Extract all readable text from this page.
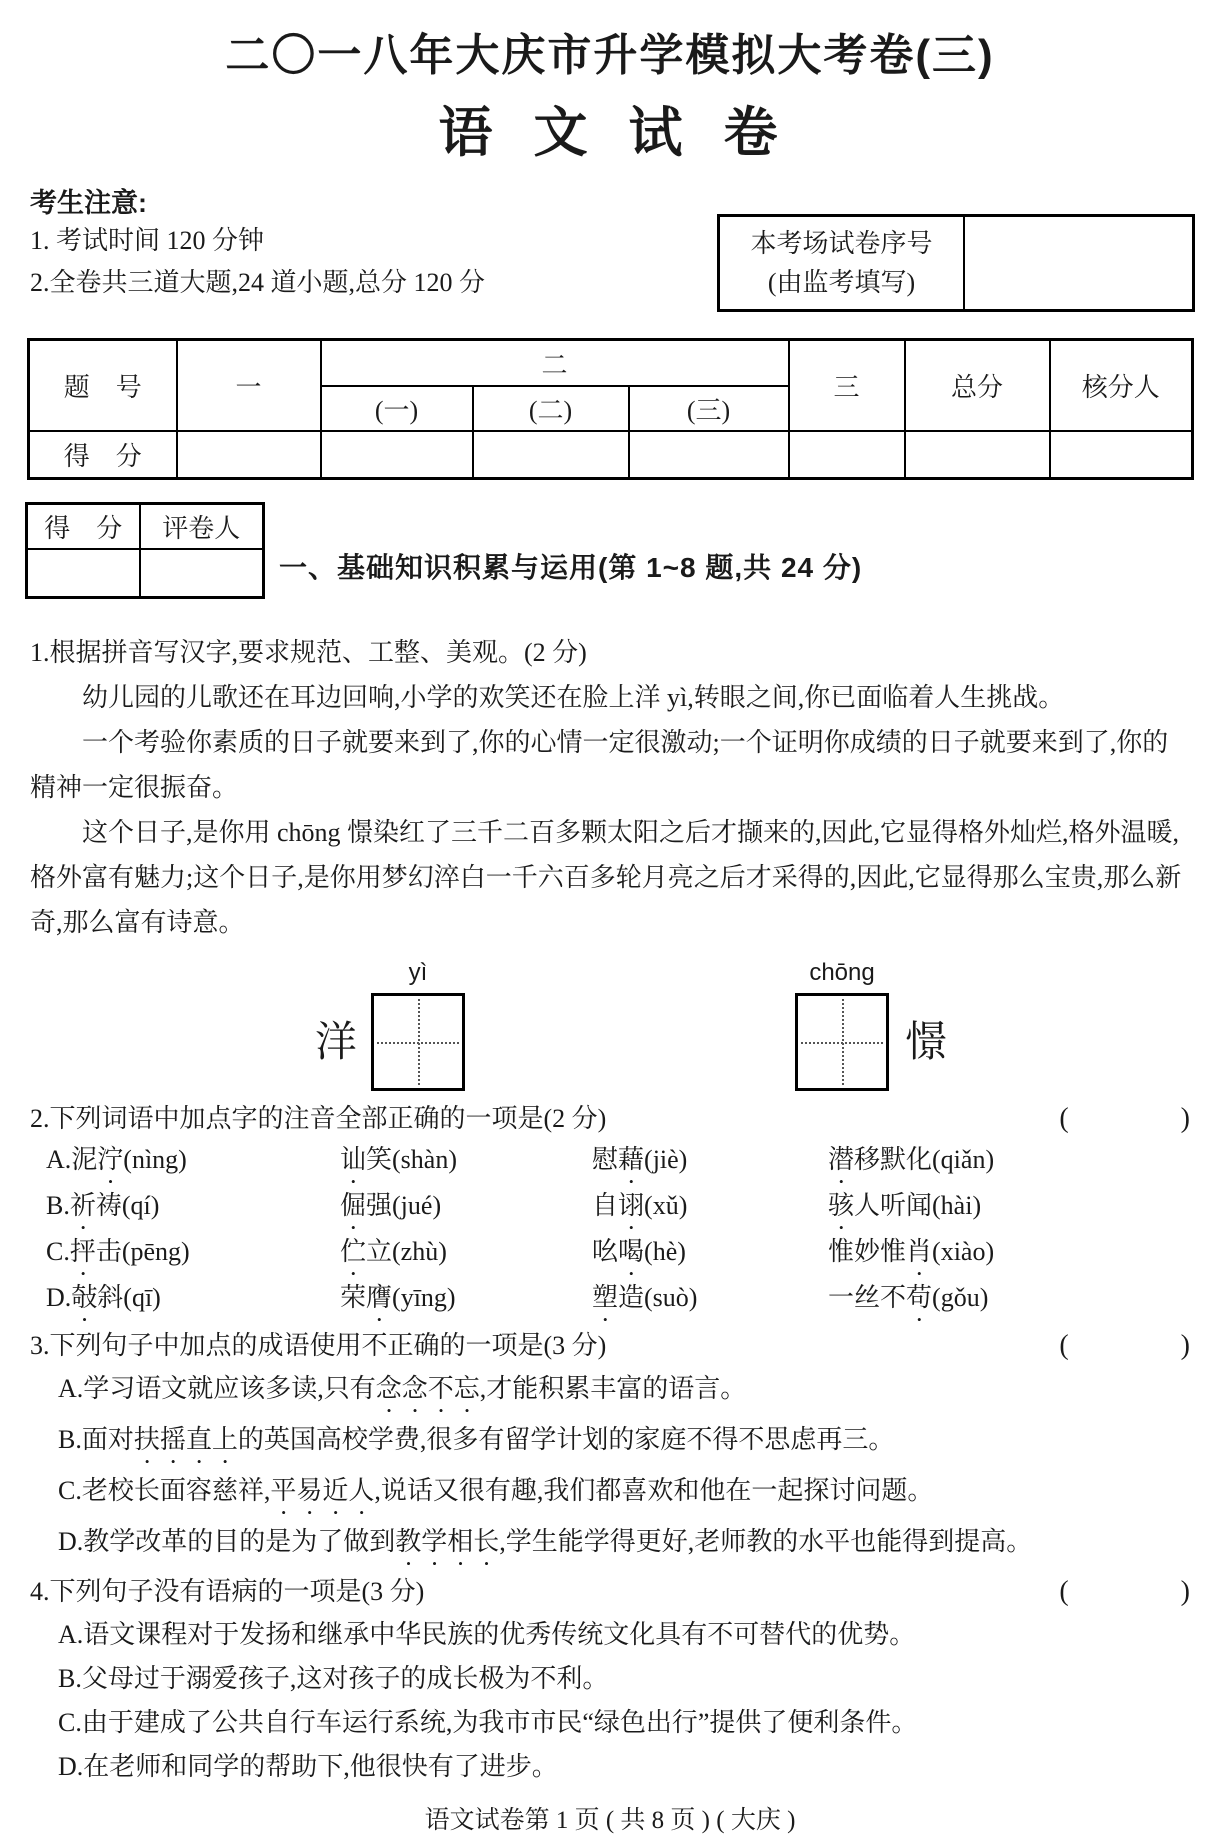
二〇一八年大庆市升学模拟大考卷(三)
语 文 试 卷
考生注意:
1. 考试时间 120 分钟
2.全卷共三道大题,24 道小题,总分 120 分
本考场试卷序号
(由监考填写)
题　号	一	二			三	总分	核分人
		(一)	(二)	(三)			
得　分							
得　分	评卷人

一、基础知识积累与运用(第 1~8 题,共 24 分)
1.根据拼音写汉字,要求规范、工整、美观。(2 分)

幼儿园的儿歌还在耳边回响,小学的欢笑还在脸上洋 yì,转眼之间,你已面临着人生挑战。

一个考验你素质的日子就要来到了,你的心情一定很激动;一个证明你成绩的日子就要来到了,你的精神一定很振奋。

这个日子,是你用 chōng 憬染红了三千二百多颗太阳之后才撷来的,因此,它显得格外灿烂,格外温暖,格外富有魅力;这个日子,是你用梦幻淬白一千六百多轮月亮之后才采得的,因此,它显得那么宝贵,那么新奇,那么富有诗意。

洋
yì	chōng
憬
2.下列词语中加点字的注音全部正确的一项是(2 分)	(　　　　)
A.泥泞(nìng)	讪笑(shàn)	慰藉(jiè)	潜移默化(qiǎn)
B.祈祷(qí)	倔强(jué)	自诩(xǔ)	骇人听闻(hài)
C.抨击(pēng)	伫立(zhù)	吆喝(hè)	惟妙惟肖(xiào)
D.敧斜(qī)	荣膺(yīng)	塑造(suò)	一丝不苟(gǒu)
3.下列句子中加点的成语使用不正确的一项是(3 分)	(　　　　)
A.学习语文就应该多读,只有念念不忘,才能积累丰富的语言。
B.面对扶摇直上的英国高校学费,很多有留学计划的家庭不得不思虑再三。
C.老校长面容慈祥,平易近人,说话又很有趣,我们都喜欢和他在一起探讨问题。
D.教学改革的目的是为了做到教学相长,学生能学得更好,老师教的水平也能得到提高。
4.下列句子没有语病的一项是(3 分)	(　　　　)
A.语文课程对于发扬和继承中华民族的优秀传统文化具有不可替代的优势。
B.父母过于溺爱孩子,这对孩子的成长极为不利。
C.由于建成了公共自行车运行系统,为我市市民“绿色出行”提供了便利条件。
D.在老师和同学的帮助下,他很快有了进步。
语文试卷第 1 页 ( 共 8 页 ) ( 大庆 )
